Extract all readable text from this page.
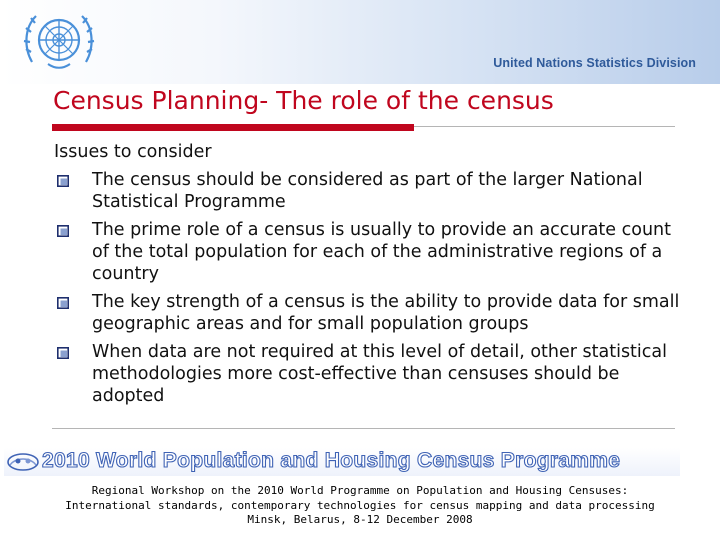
United Nations Statistics Division
Census Planning- The role of the census

Issues to consider

The census should be considered as part of the larger National Statistical Programme
The prime role of a census is usually to provide an accurate count of the total population for each of the administrative regions of a country
The key strength of a census is the ability to provide data for small geographic areas and for small population groups
When data are not required at this level of detail, other statistical methodologies more cost-effective than censuses should be adopted
2010 World Population and Housing Census Programme
Regional Workshop on the 2010 World Programme on Population and Housing Censuses:
International standards, contemporary technologies for census mapping and data processing
Minsk, Belarus, 8-12 December 2008
